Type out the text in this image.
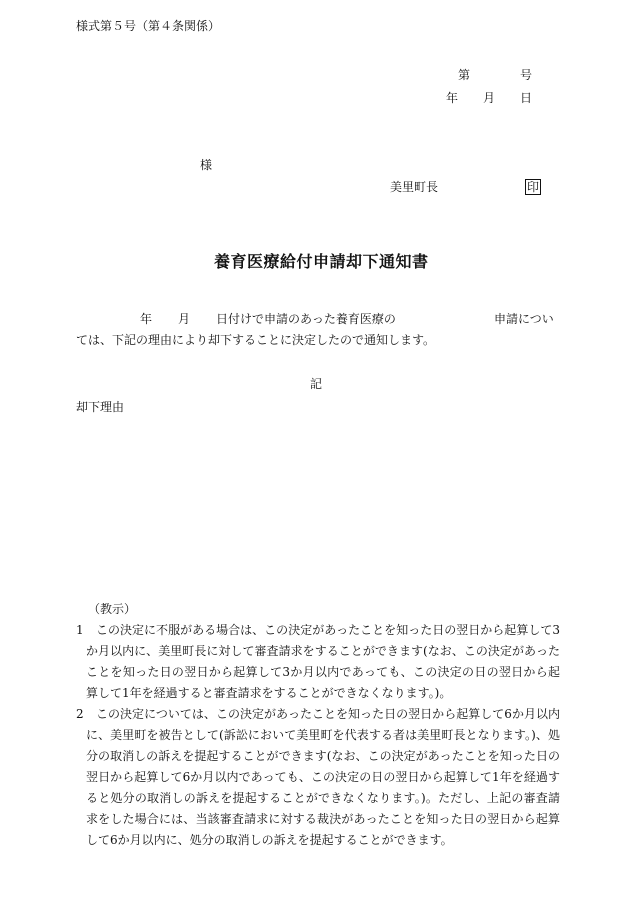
様式第５号（第４条関係）
第	号
年 月 日
様
美里町長	印
養育医療給付申請却下通知書
年 月 日付けで申請のあった養育医療の	申請につい
ては、下記の理由により却下することに決定したので通知します。
記
却下理由
（教示）
1	この決定に不服がある場合は、この決定があったことを知った日の翌日から起算して3か月以内に、美里町長に対して審査請求をすることができます(なお、この決定があったことを知った日の翌日から起算して3か月以内であっても、この決定の日の翌日から起算して1年を経過すると審査請求をすることができなくなります。)。
2	この決定については、この決定があったことを知った日の翌日から起算して6か月以内に、美里町を被告として(訴訟において美里町を代表する者は美里町長となります。)、処分の取消しの訴えを提起することができます(なお、この決定があったことを知った日の翌日から起算して6か月以内であっても、この決定の日の翌日から起算して1年を経過すると処分の取消しの訴えを提起することができなくなります。)。ただし、上記の審査請求をした場合には、当該審査請求に対する裁決があったことを知った日の翌日から起算して6か月以内に、処分の取消しの訴えを提起することができます。
